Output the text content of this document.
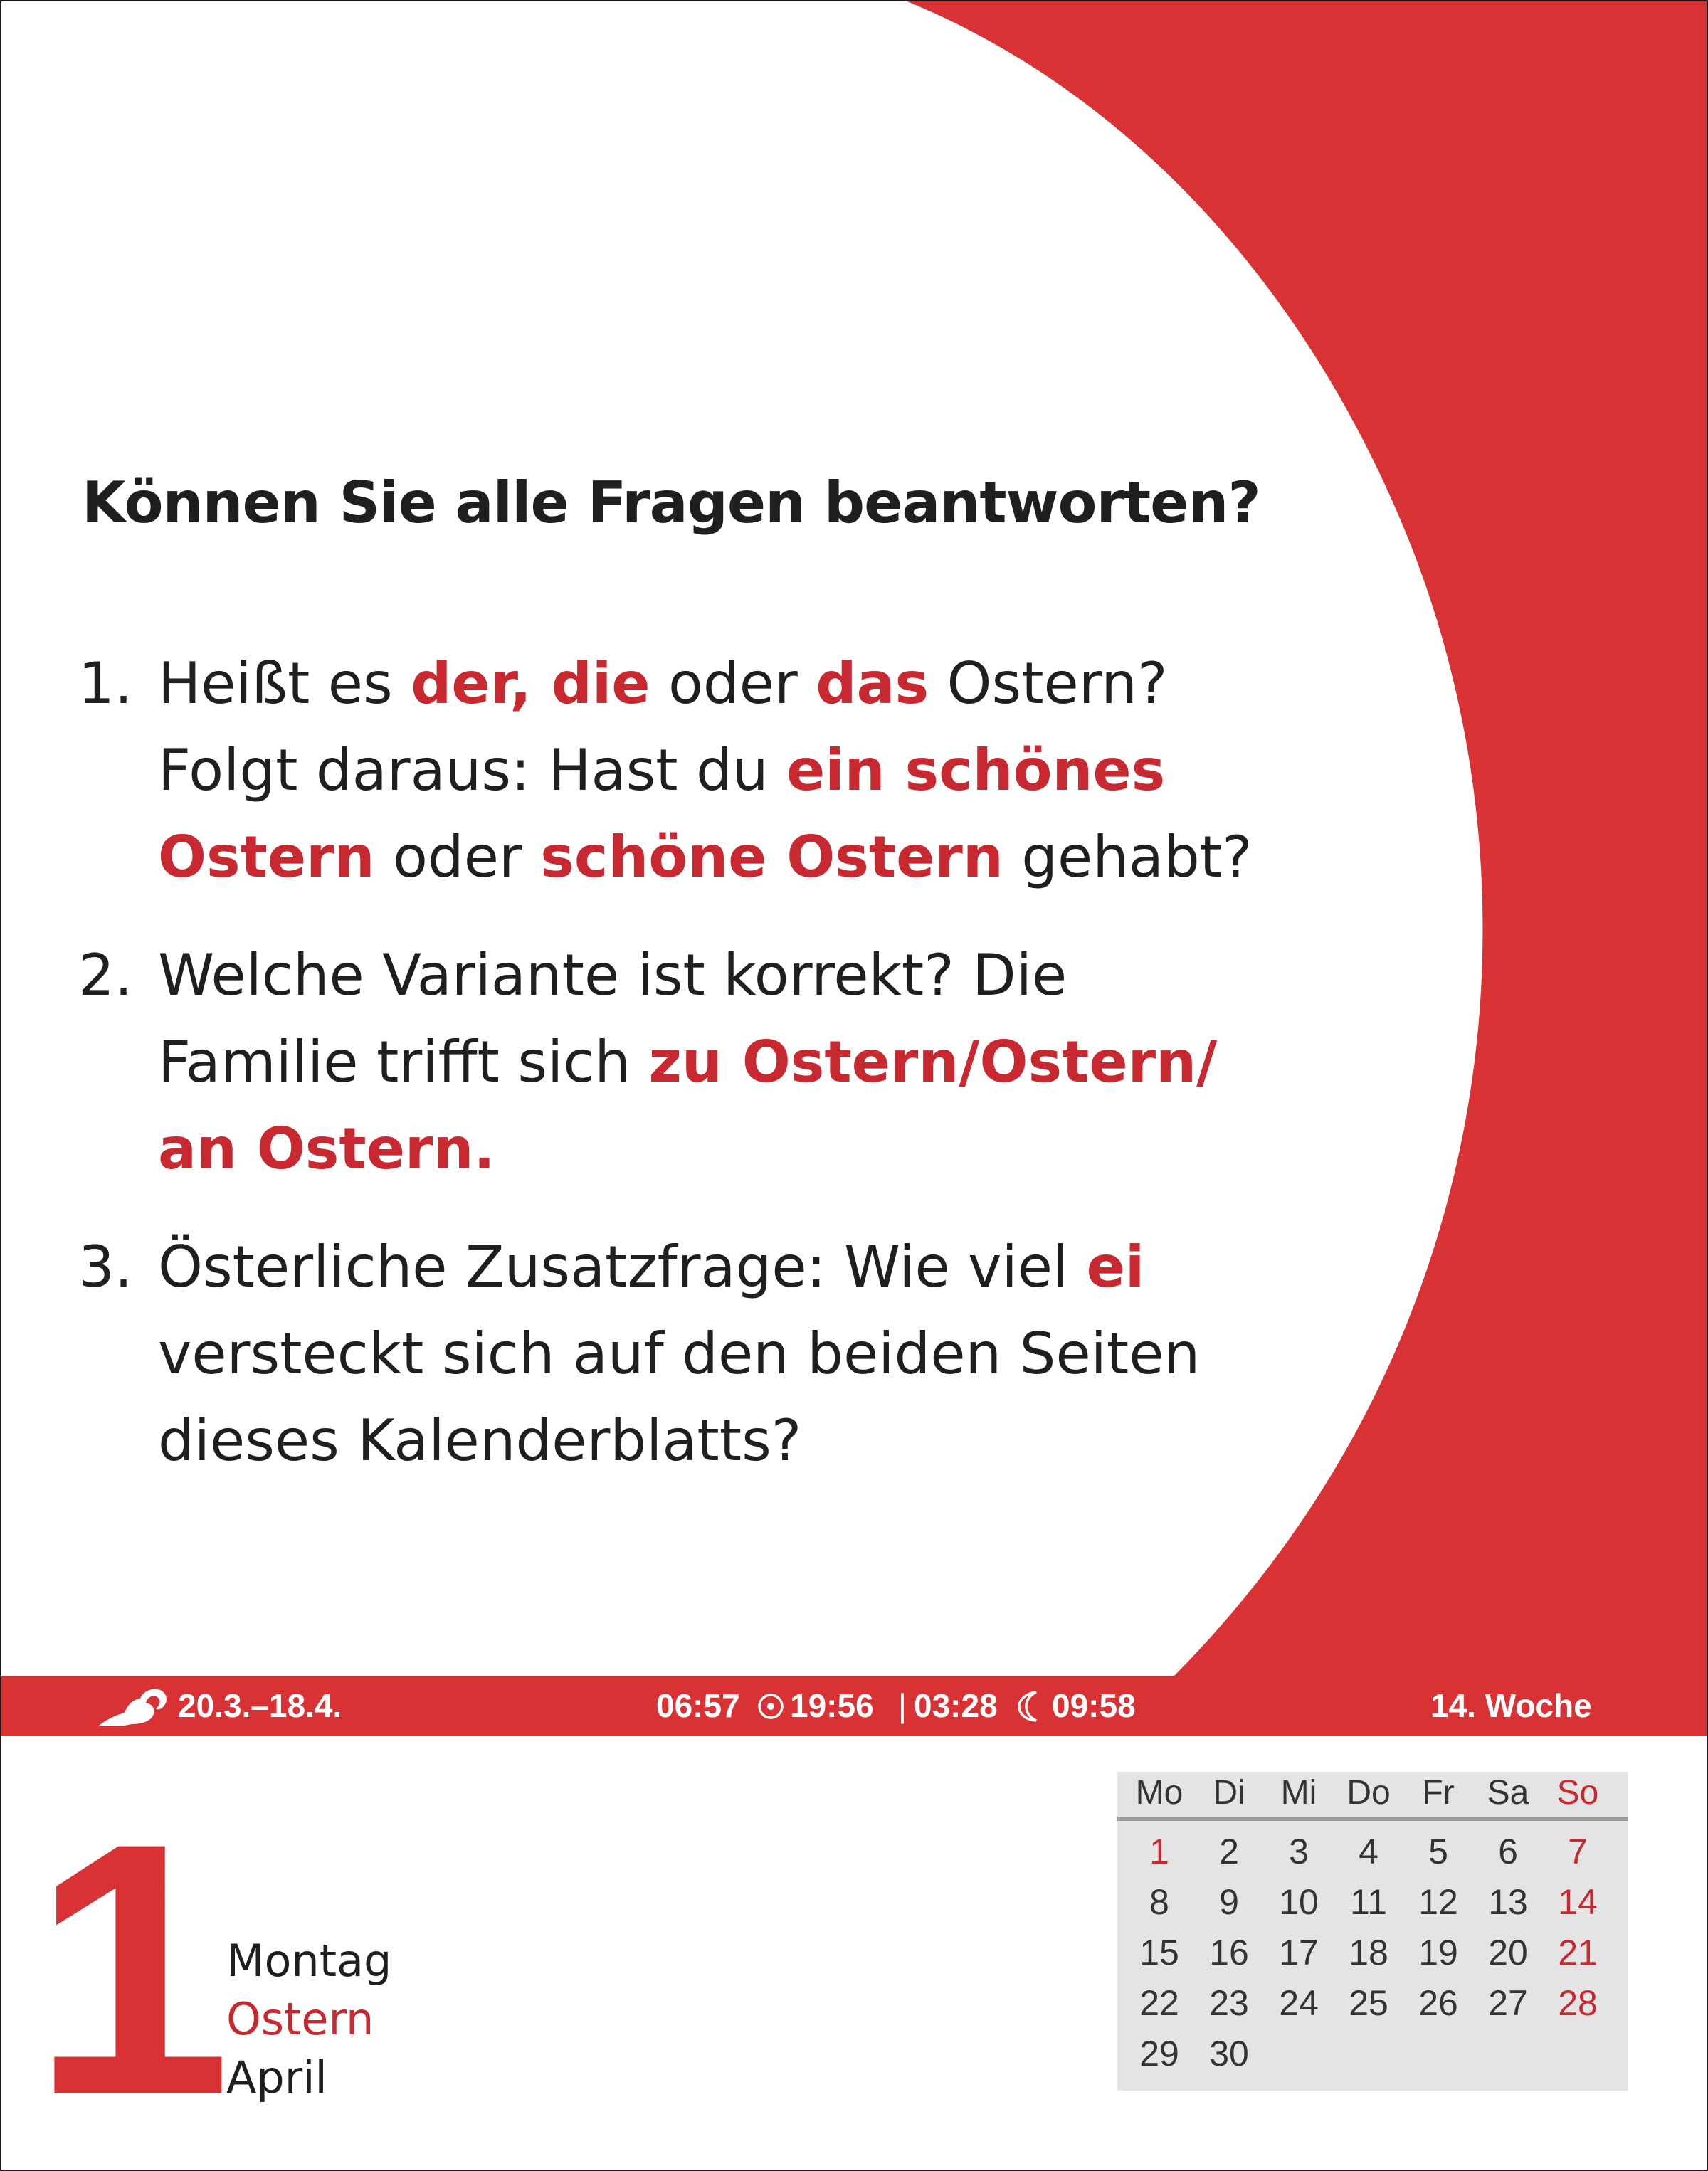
Können Sie alle Fragen beantworten?
1. Heißt es der, die oder das Ostern?
Folgt daraus: Hast du ein schönes
Ostern oder schöne Ostern gehabt?
2. Welche Variante ist korrekt? Die
Familie trifft sich zu Ostern/Ostern/
an Ostern.
3. Österliche Zusatzfrage: Wie viel ei
versteckt sich auf den beiden Seiten
dieses Kalenderblatts?
20.3.–18.4.	06:57 19:56 | 03:28 09:58	14. Woche
1
Montag
Ostern
April
Mo Di	Mi Do Fr Sa So
1	2	3	4	5	6	7
8	9	10 11 12 13 14
15 16 17 18 19 20 21
22 23 24 25 26 27 28
29 30
